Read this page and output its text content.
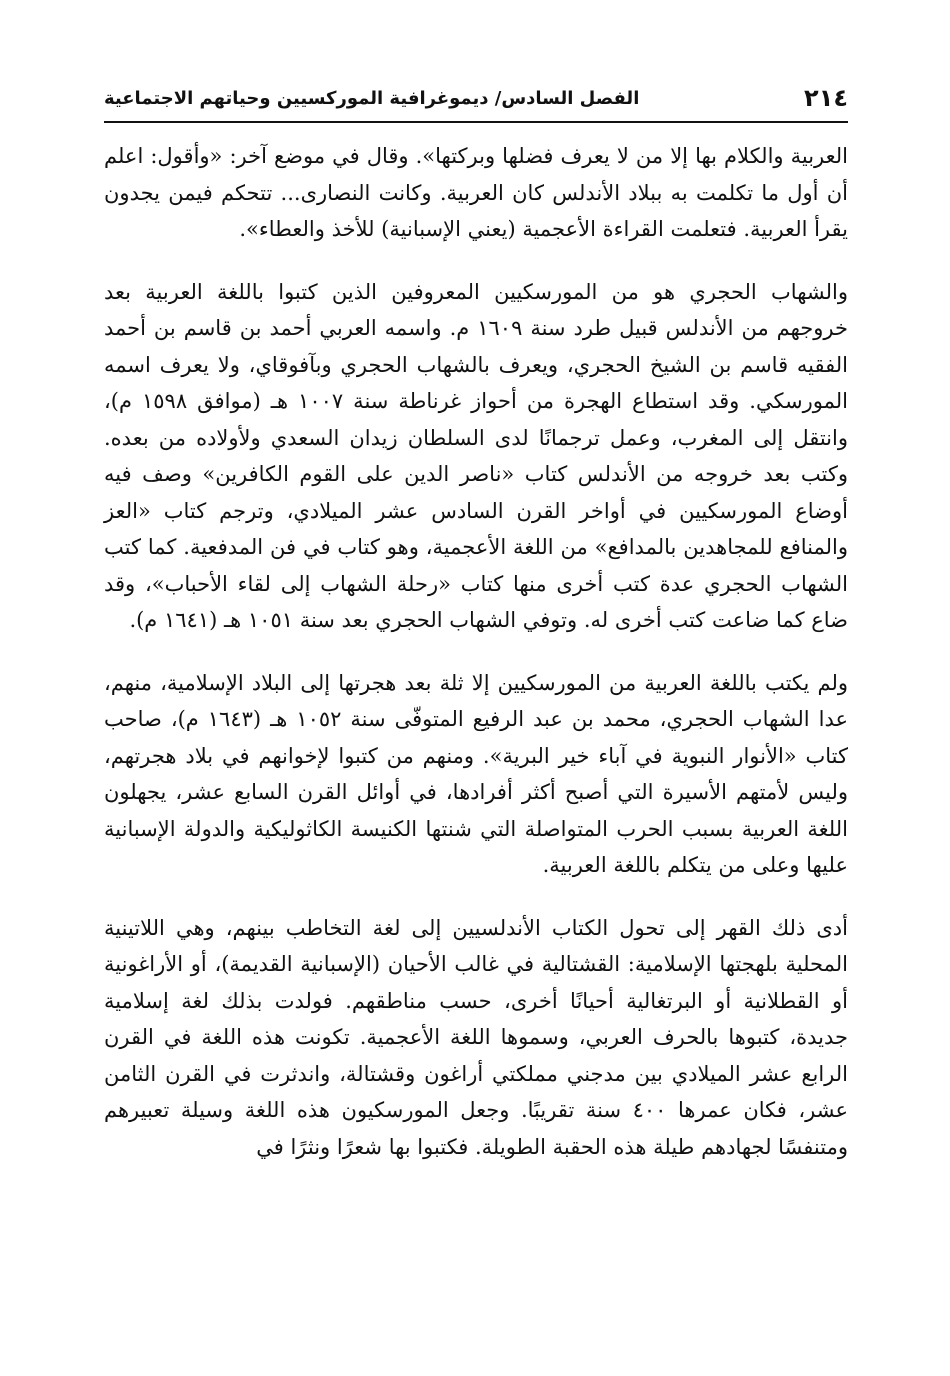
٢١٤
الفصل السادس/ ديموغرافية الموركسيين وحياتهم الاجتماعية

العربية والكلام بها إلا من لا يعرف فضلها وبركتها». وقال في موضع آخر: «وأقول: اعلم أن أول ما تكلمت به ببلاد الأندلس كان العربية. وكانت النصارى... تتحكم فيمن يجدون يقرأ العربية. فتعلمت القراءة الأعجمية (يعني الإسبانية) للأخذ والعطاء».

والشهاب الحجري هو من المورسكيين المعروفين الذين كتبوا باللغة العربية بعد خروجهم من الأندلس قبيل طرد سنة ١٦٠٩ م. واسمه العربي أحمد بن قاسم بن أحمد الفقيه قاسم بن الشيخ الحجري، ويعرف بالشهاب الحجري وبآفوقاي، ولا يعرف اسمه المورسكي. وقد استطاع الهجرة من أحواز غرناطة سنة ١٠٠٧ هـ (موافق ١٥٩٨ م)، وانتقل إلى المغرب، وعمل ترجمانًا لدى السلطان زيدان السعدي ولأولاده من بعده. وكتب بعد خروجه من الأندلس كتاب «ناصر الدين على القوم الكافرين» وصف فيه أوضاع المورسكيين في أواخر القرن السادس عشر الميلادي، وترجم كتاب «العز والمنافع للمجاهدين بالمدافع» من اللغة الأعجمية، وهو كتاب في فن المدفعية. كما كتب الشهاب الحجري عدة كتب أخرى منها كتاب «رحلة الشهاب إلى لقاء الأحباب»، وقد ضاع كما ضاعت كتب أخرى له. وتوفي الشهاب الحجري بعد سنة ١٠٥١ هـ (١٦٤١ م).

ولم يكتب باللغة العربية من المورسكيين إلا ثلة بعد هجرتها إلى البلاد الإسلامية، منهم، عدا الشهاب الحجري، محمد بن عبد الرفيع المتوفّى سنة ١٠٥٢ هـ (١٦٤٣ م)، صاحب كتاب «الأنوار النبوية في آباء خير البرية». ومنهم من كتبوا لإخوانهم في بلاد هجرتهم، وليس لأمتهم الأسيرة التي أصبح أكثر أفرادها، في أوائل القرن السابع عشر، يجهلون اللغة العربية بسبب الحرب المتواصلة التي شنتها الكنيسة الكاثوليكية والدولة الإسبانية عليها وعلى من يتكلم باللغة العربية.

أدى ذلك القهر إلى تحول الكتاب الأندلسيين إلى لغة التخاطب بينهم، وهي اللاتينية المحلية بلهجتها الإسلامية: القشتالية في غالب الأحيان (الإسبانية القديمة)، أو الأراغونية أو القطلانية أو البرتغالية أحيانًا أخرى، حسب مناطقهم. فولدت بذلك لغة إسلامية جديدة، كتبوها بالحرف العربي، وسموها اللغة الأعجمية. تكونت هذه اللغة في القرن الرابع عشر الميلادي بين مدجني مملكتي أراغون وقشتالة، واندثرت في القرن الثامن عشر، فكان عمرها ٤٠٠ سنة تقريبًا. وجعل المورسكيون هذه اللغة وسيلة تعبيرهم ومتنفسًا لجهادهم طيلة هذه الحقبة الطويلة. فكتبوا بها شعرًا ونثرًا في
